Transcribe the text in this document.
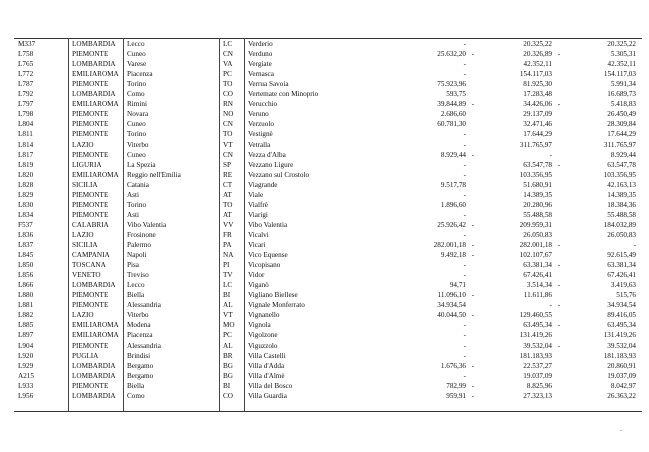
M337	LOMBARDIA	Lecco	LC	Verderio	-	20.325,22	20.325,22
L758	PIEMONTE	Cuneo	CN	Verduno	25.632,20	20.326,89	5.305,31
-	-
L765	LOMBARDIA	Varese	VA	Vergiate	-	42.352,11	42.352,11
L772	EMILIAROMA	Piacenza	PC	Vernasca	-	154.117,03	154.117,03
L787	PIEMONTE	Torino	TO	Verrua Savoia	75.923,96	81.925,30	5.991,34
L792	LOMBARDIA	Como	CO	Vertemate con Minoprio	593,75	17.283,48	16.689,73
L797	EMILIAROMA	Rimini	RN	Verucchio	39.844,89	34.426,06	5.418,83
-	-
L798	PIEMONTE	Novara	NO	Veruno	2.686,60	29.137,09	26.450,49
L804	PIEMONTE	Cuneo	CN	Verzuolo	60.781,30	32.471,46	28.309,84
L811	PIEMONTE	Torino	TO	Vestignè	-	17.644,29	17.644,29
L814	LAZIO	Viterbo	VT	Vetralla	-	311.765,97	311.765,97
L817	PIEMONTE	Cuneo	CN	Vezza d'Alba	8.929,44	-	8.929,44
-
L819	LIGURIA	La Spezia	SP	Vezzano Ligure	-	63.547,78	63.547,78
-
L820	EMILIAROMA	Reggio nell'Emilia	RE	Vezzano sul Crostolo	-	103.356,95	103.356,95
L828	SICILIA	Catania	CT	Viagrande	9.517,78	51.680,91	42.163,13
L829	PIEMONTE	Asti	AT	Viale	-	14.389,35	14.389,35
L830	PIEMONTE	Torino	TO	Vialfrè	1.896,60	20.280,96	18.384,36
L834	PIEMONTE	Asti	AT	Viarigi	-	55.488,58	55.488,58
F537	CALABRIA	Vibo Valentia	VV	Vibo Valentia	25.926,42	209.959,31	184.032,89
-
L836	LAZIO	Frosinone	FR	Vicalvi	-	26.050,83	26.050,83
L837	SICILIA	Palermo	PA	Vicari	282.001,18	282.001,18	-
-	-
L845	CAMPANIA	Napoli	NA	Vico Equense	9.492,18	102.107,67	92.615,49
-
L850	TOSCANA	Pisa	PI	Vicopisano	-	63.381,34	63.381,34
-
L856	VENETO	Treviso	TV	Vidor	-	67.426,41	67.426,41
L866	LOMBARDIA	Lecco	LC	Viganò	94,71	3.514,34	3.419,63
-
L880	PIEMONTE	Biella	BI	Vigliano Biellese	11.096,10	11.611,86	515,76
-
L881	PIEMONTE	Alessandria	AL	Vignale Monferrato	34.934,54	-	34.934,54
-
L882	LAZIO	Viterbo	VT	Vignanello	40.044,50	129.460,55	89.416,05
-
L885	EMILIAROMA	Modena	MO	Vignola	-	63.495,34	63.495,34
-
L897	EMILIAROMA	Piacenza	PC	Vigolzone	-	131.419,26	131.419,26
L904	PIEMONTE	Alessandria	AL	Viguzzolo	-	39.532,04	39.532,04
-
L920	PUGLIA	Brindisi	BR	Villa Castelli	-	181.183,93	181.183,93
L929	LOMBARDIA	Bergamo	BG	Villa d'Adda	1.676,36	22.537,27	20.860,91
-
A215	LOMBARDIA	Bergamo	BG	Villa d'Almè	-	19.037,09	19.037,09
L933	PIEMONTE	Biella	BI	Villa del Bosco	782,99	8.825,96	8.042,97
-
L956	LOMBARDIA	Como	CO	Villa Guardia	959,91	27.323,13	26.363,22
-
.
